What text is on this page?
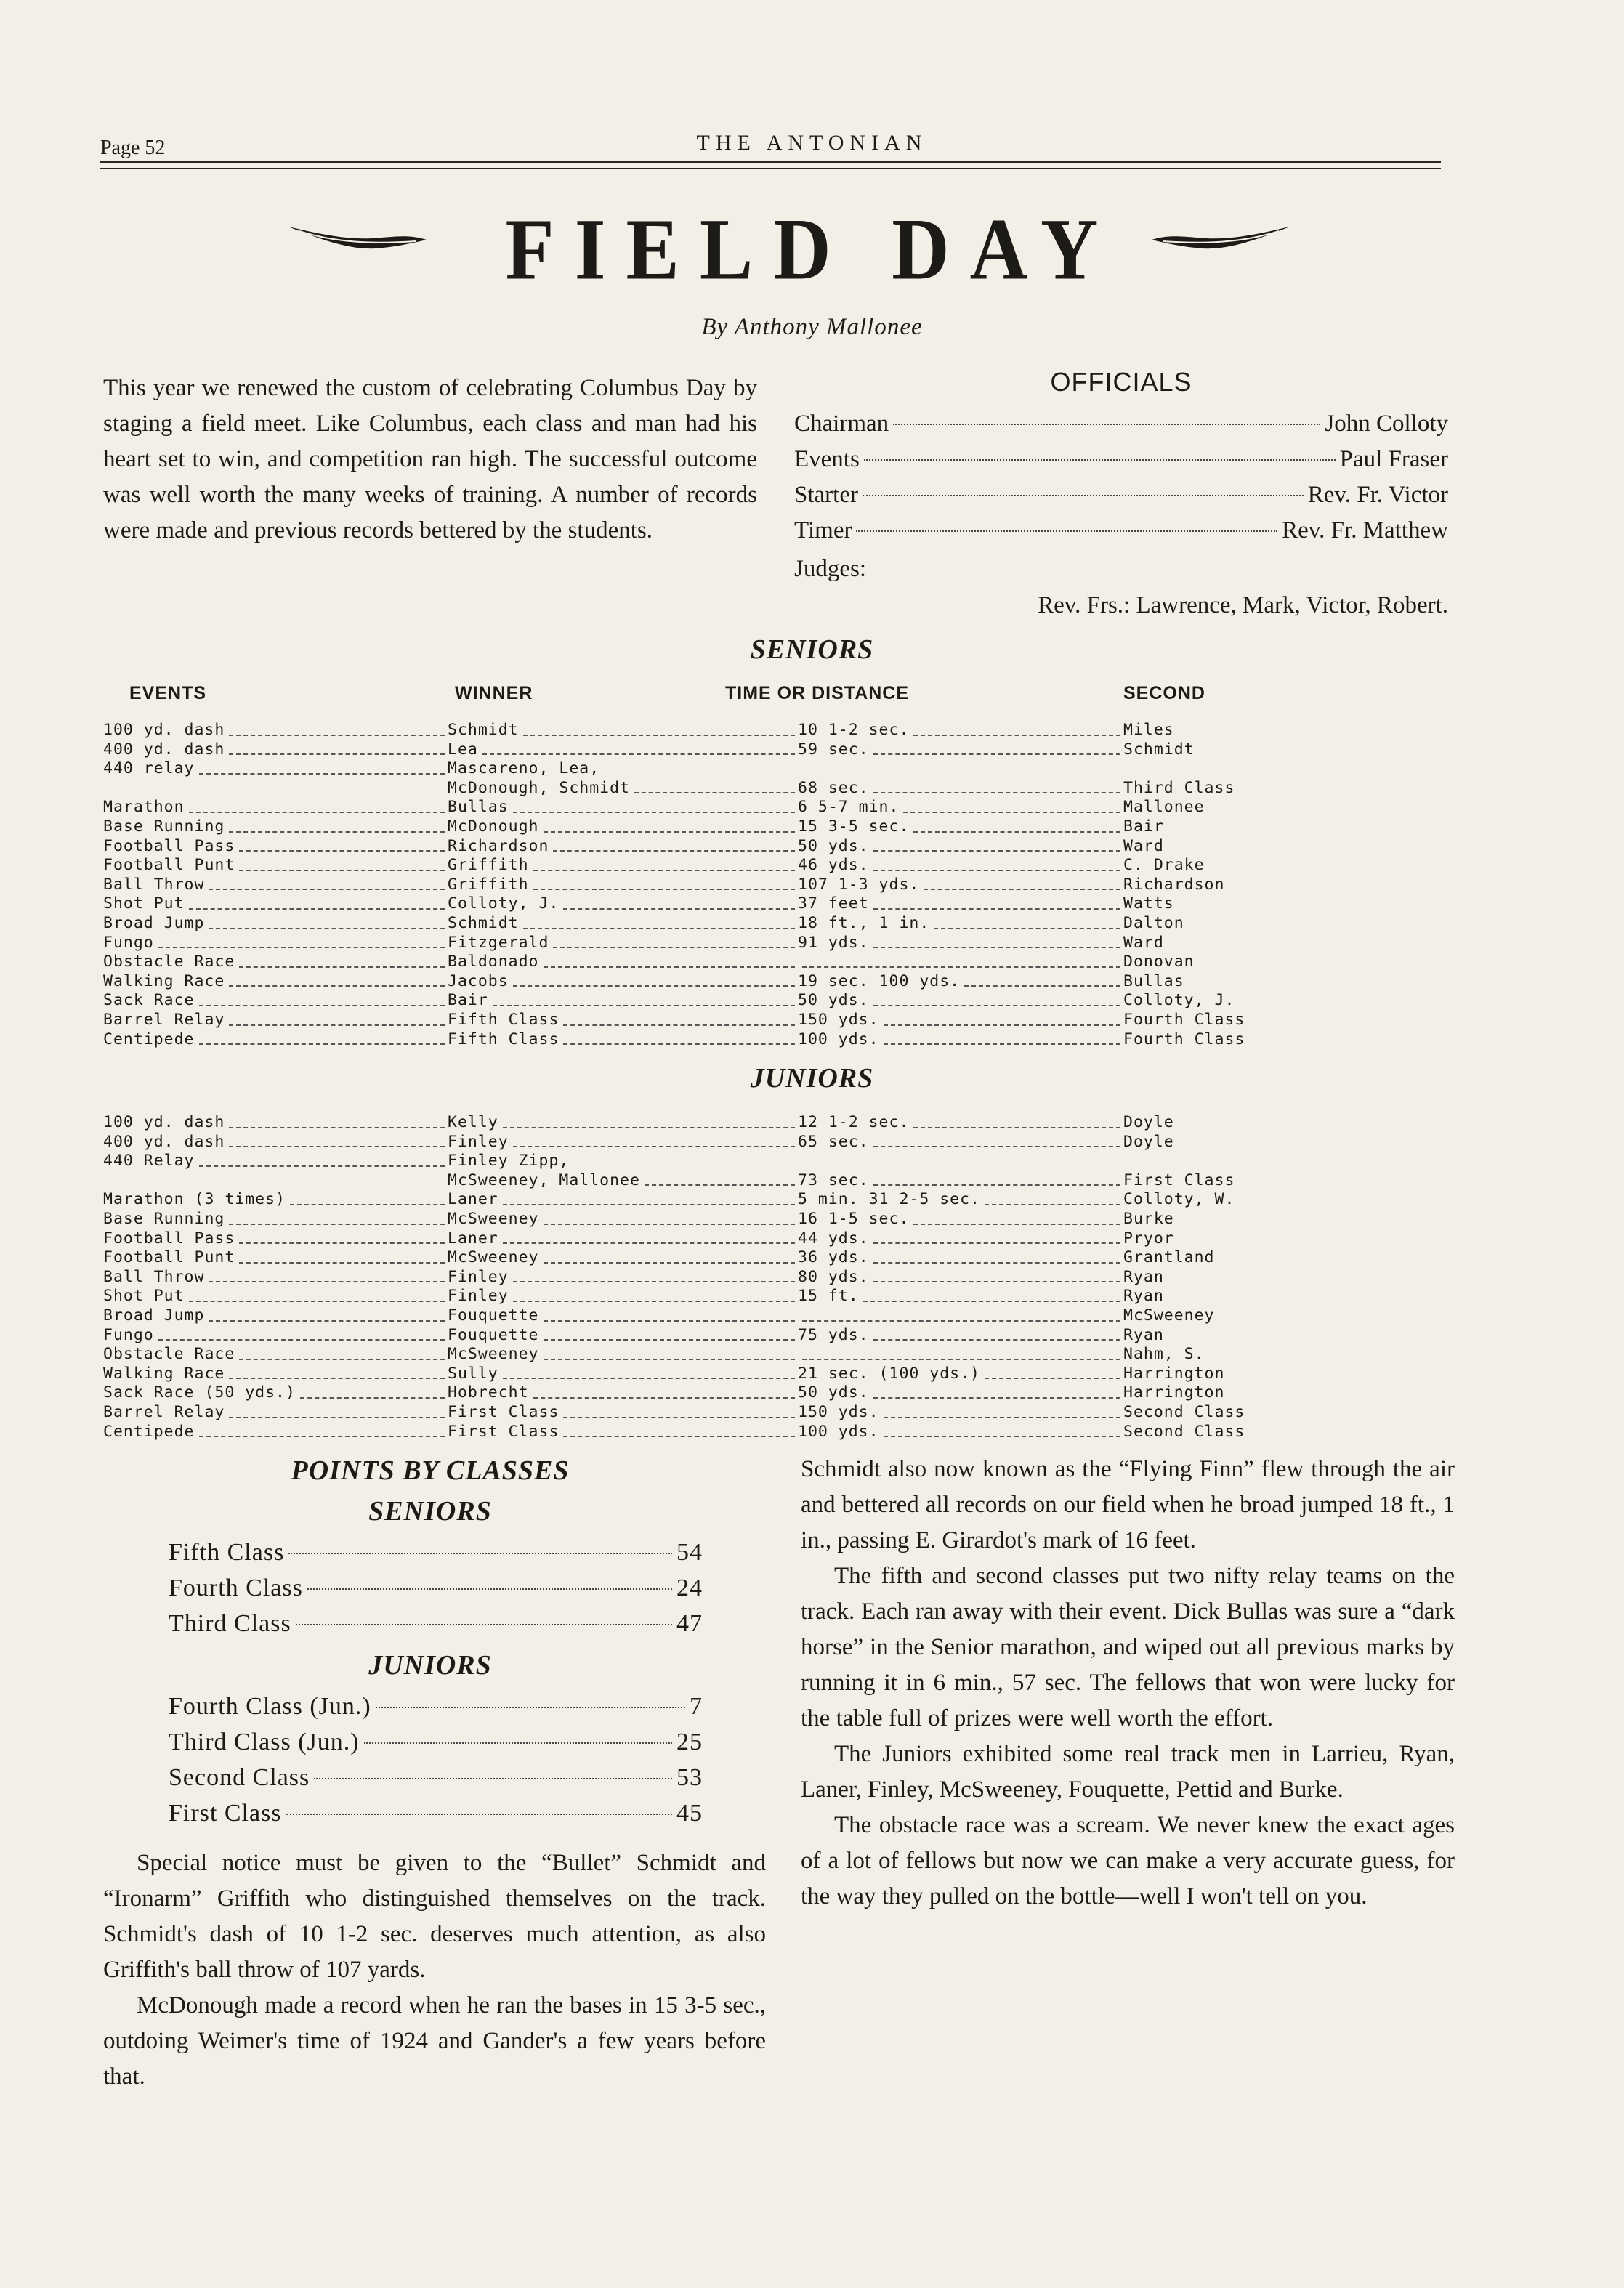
Page 52	THE ANTONIAN
FIELD DAY
By Anthony Mallonee

This year we renewed the custom of celebrating Columbus Day by staging a field meet. Like Columbus, each class and man had his heart set to win, and competition ran high. The successful outcome was well worth the many weeks of training. A number of records were made and previous records bettered by the students.

OFFICIALS
Chairman	John Colloty
Events	Paul Fraser
Starter	Rev. Fr. Victor
Timer	Rev. Fr. Matthew
Judges:
Rev. Frs.: Lawrence, Mark, Victor, Robert.
SENIORS
EVENTS	WINNER	TIME OR DISTANCE	SECOND
100 yd. dash	Schmidt	10 1-2 sec.	Miles

400 yd. dash	Lea	59 sec.	Schmidt

440 relay	Mascareno, Lea,		

	McDonough, Schmidt	68 sec.	Third Class

Marathon	Bullas	6 5-7 min.	Mallonee

Base Running	McDonough	15 3-5 sec.	Bair

Football Pass	Richardson	50 yds.	Ward

Football Punt	Griffith	46 yds.	C. Drake

Ball Throw	Griffith	107 1-3 yds.	Richardson

Shot Put	Colloty, J.	37 feet	Watts

Broad Jump	Schmidt	18 ft., 1 in.	Dalton

Fungo	Fitzgerald	91 yds.	Ward

Obstacle Race	Baldonado		Donovan

Walking Race	Jacobs	19 sec. 100 yds.	Bullas

Sack Race	Bair	50 yds.	Colloty, J.

Barrel Relay	Fifth Class	150 yds.	Fourth Class

Centipede	Fifth Class	100 yds.	Fourth Class
JUNIORS
100 yd. dash	Kelly	12 1-2 sec.	Doyle

400 yd. dash	Finley	65 sec.	Doyle

440 Relay	Finley Zipp,		

	McSweeney, Mallonee	73 sec.	First Class

Marathon (3 times)	Laner	5 min. 31 2-5 sec.	Colloty, W.

Base Running	McSweeney	16 1-5 sec.	Burke

Football Pass	Laner	44 yds.	Pryor

Football Punt	McSweeney	36 yds.	Grantland

Ball Throw	Finley	80 yds.	Ryan

Shot Put	Finley	15 ft.	Ryan

Broad Jump	Fouquette		McSweeney

Fungo	Fouquette	75 yds.	Ryan

Obstacle Race	McSweeney		Nahm, S.

Walking Race	Sully	21 sec. (100 yds.)	Harrington

Sack Race (50 yds.)	Hobrecht	50 yds.	Harrington

Barrel Relay	First Class	150 yds.	Second Class

Centipede	First Class	100 yds.	Second Class
POINTS BY CLASSES
SENIORS
Fifth Class	54
Fourth Class	24
Third Class	47
JUNIORS
Fourth Class (Jun.)	7
Third Class (Jun.)	25
Second Class	53
First Class	45

Special notice must be given to the “Bullet” Schmidt and “Ironarm” Griffith who distinguished themselves on the track. Schmidt's dash of 10 1-2 sec. deserves much attention, as also Griffith's ball throw of 107 yards.

McDonough made a record when he ran the bases in 15 3-5 sec., outdoing Weimer's time of 1924 and Gander's a few years before that.

Schmidt also now known as the “Flying Finn” flew through the air and bettered all records on our field when he broad jumped 18 ft., 1 in., passing E. Girardot's mark of 16 feet.

The fifth and second classes put two nifty relay teams on the track. Each ran away with their event. Dick Bullas was sure a “dark horse” in the Senior marathon, and wiped out all previous marks by running it in 6 min., 57 sec. The fellows that won were lucky for the table full of prizes were well worth the effort.

The Juniors exhibited some real track men in Larrieu, Ryan, Laner, Finley, McSweeney, Fouquette, Pettid and Burke.

The obstacle race was a scream. We never knew the exact ages of a lot of fellows but now we can make a very accurate guess, for the way they pulled on the bottle—well I won't tell on you.
